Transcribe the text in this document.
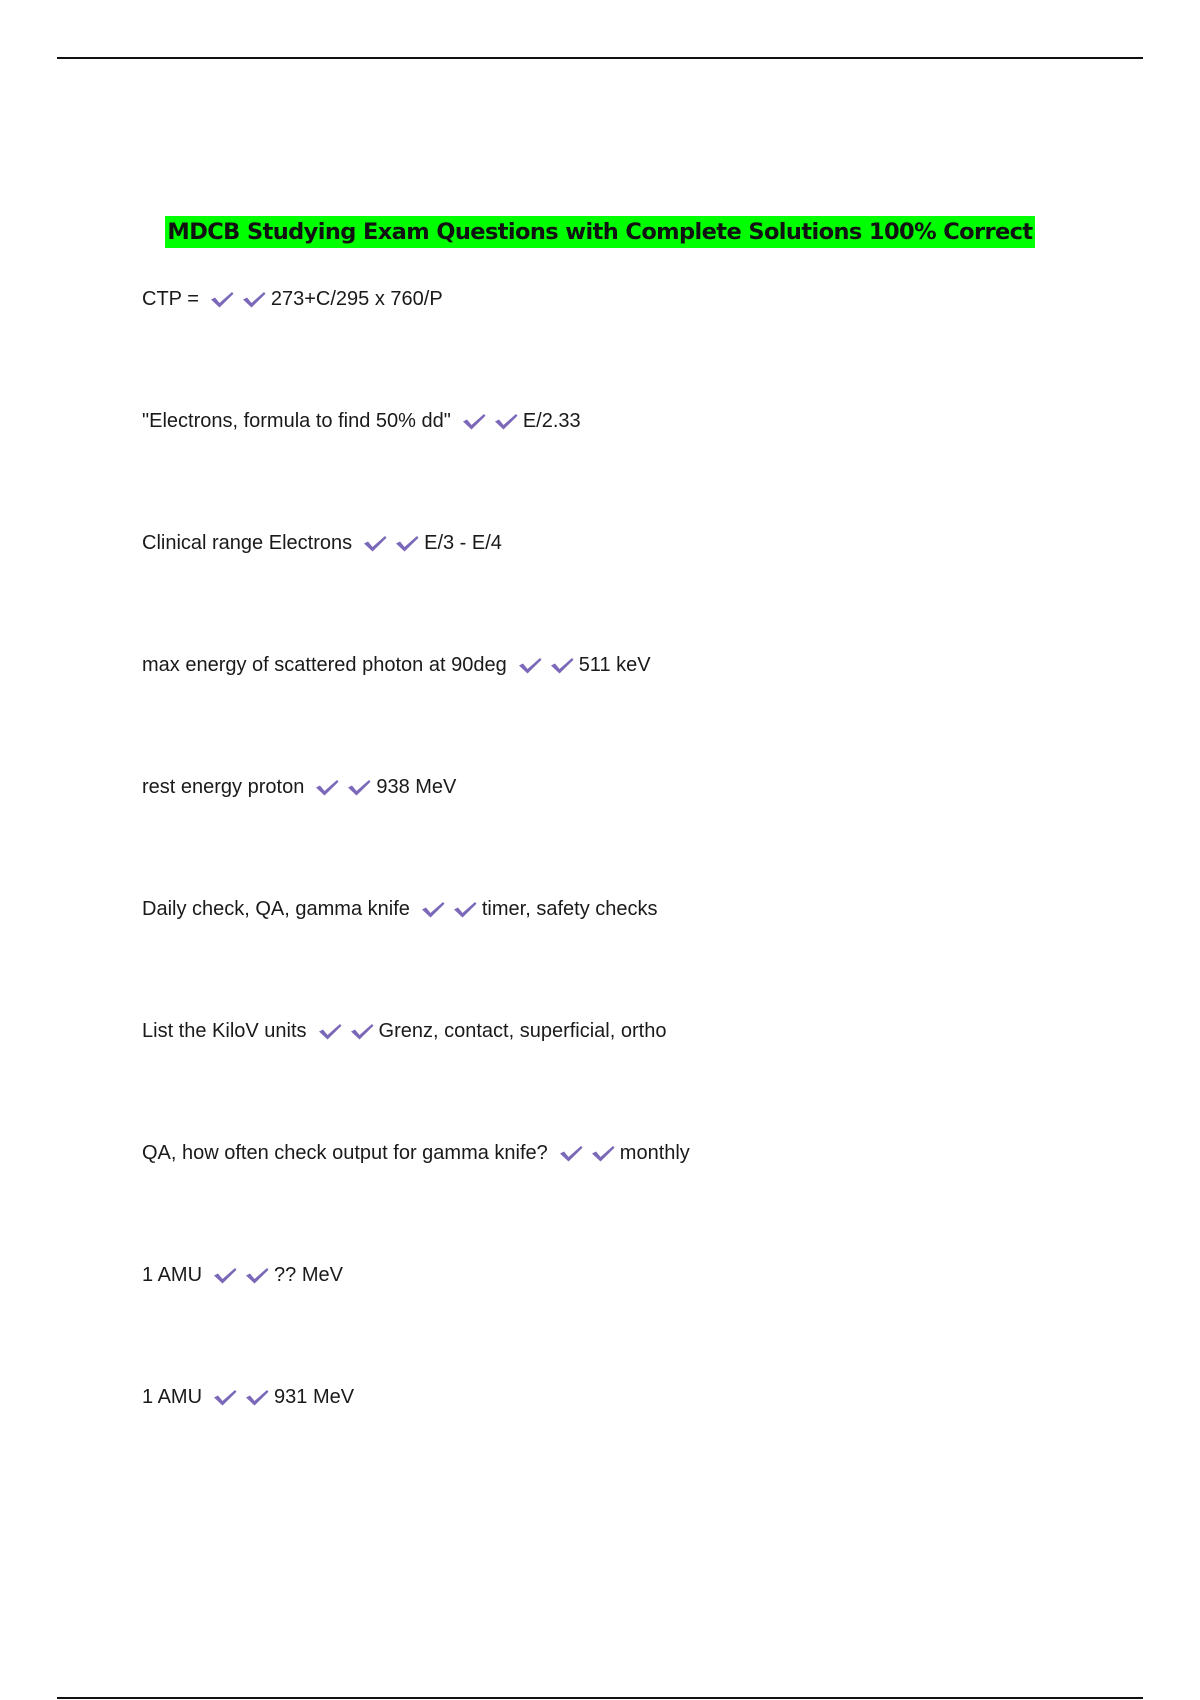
MDCB Studying Exam Questions with Complete Solutions 100% Correct
CTP =	273+C/295 x 760/P
"Electrons, formula to find 50% dd"	E/2.33
Clinical range Electrons	E/3 - E/4
max energy of scattered photon at 90deg	511 keV
rest energy proton	938 MeV
Daily check, QA, gamma knife	timer, safety checks
List the KiloV units	Grenz, contact, superficial, ortho
QA, how often check output for gamma knife?	monthly
1 AMU	?? MeV
1 AMU	931 MeV
